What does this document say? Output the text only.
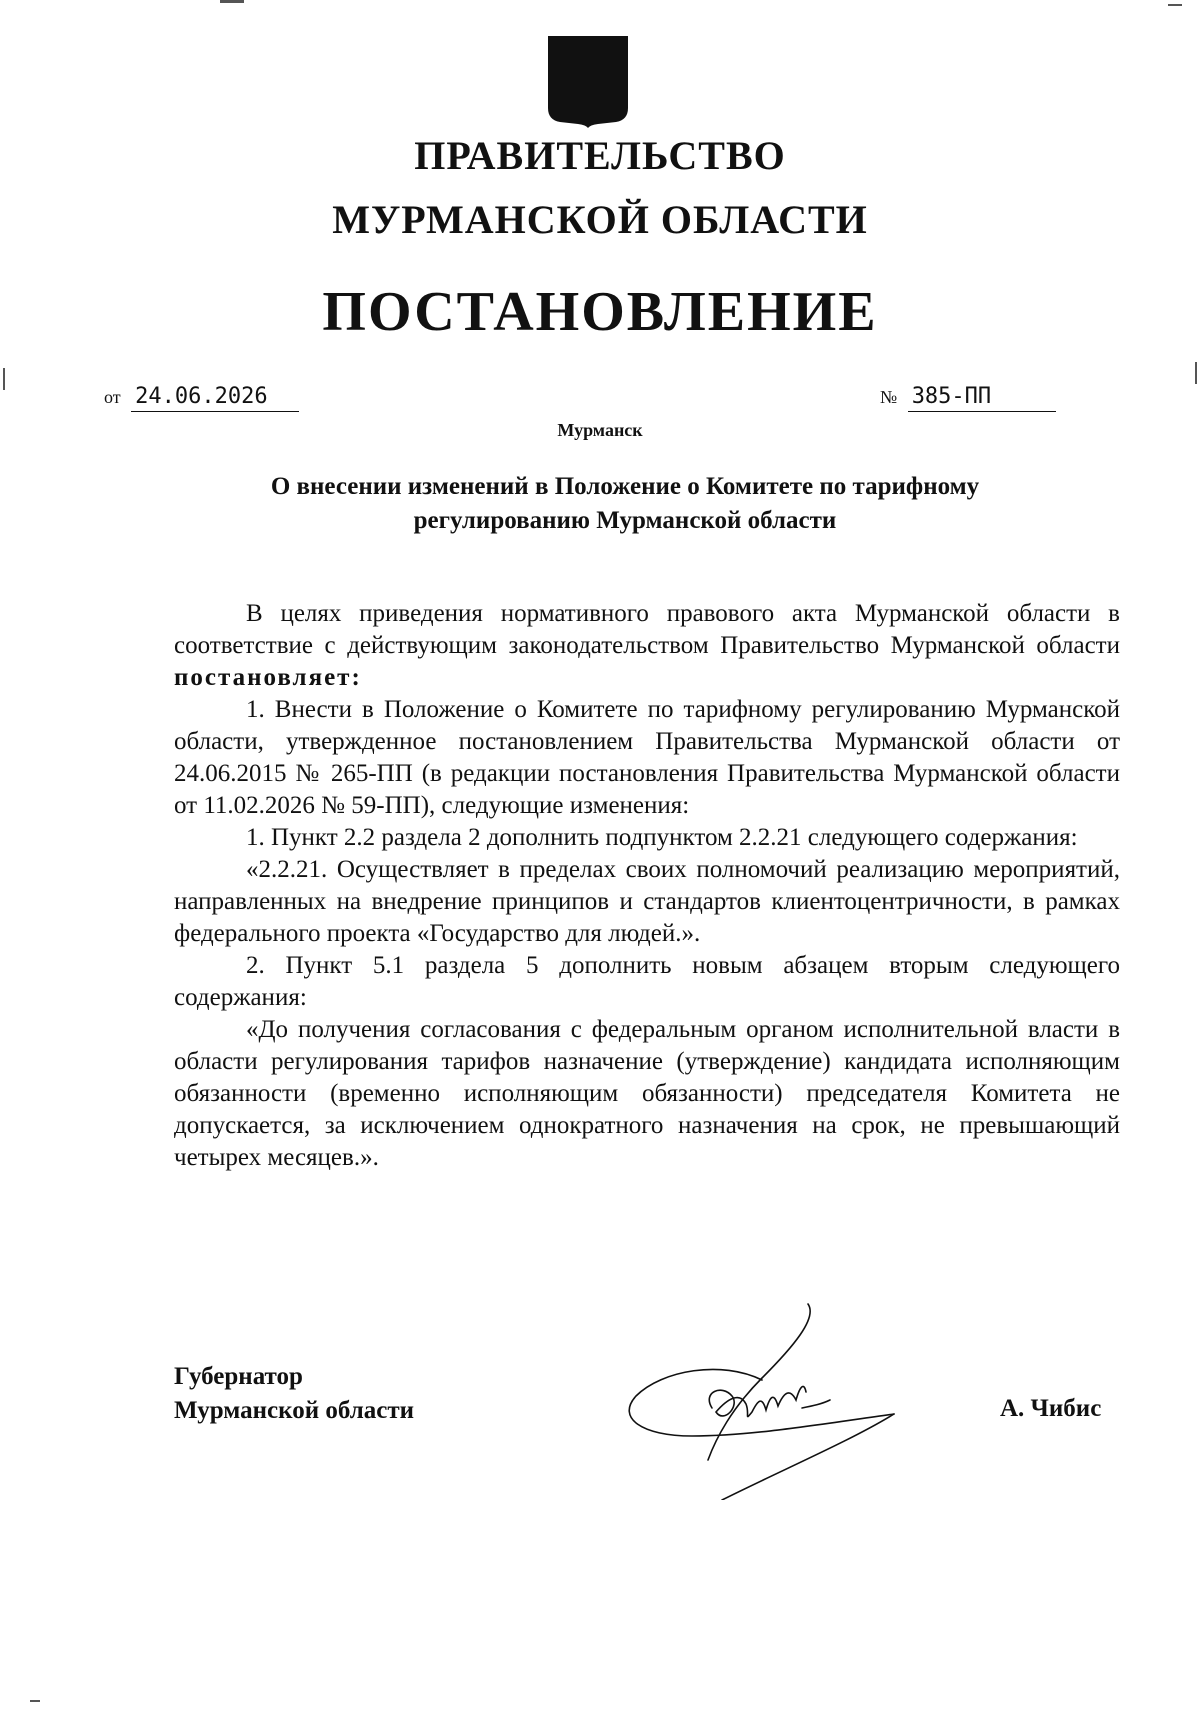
ПРАВИТЕЛЬСТВО
МУРМАНСКОЙ ОБЛАСТИ
ПОСТАНОВЛЕНИЕ
от 24.06.2026	№ 385-ПП
Мурманск
О внесении изменений в Положение о Комитете по тарифному
регулированию Мурманской области

В целях приведения нормативного правового акта Мурманской области в соответствие с действующим законодательством Правительство Мурманской области постановляет:

1. Внести в Положение о Комитете по тарифному регулированию Мурманской области, утвержденное постановлением Правительства Мурманской области от 24.06.2015 № 265-ПП (в редакции постановления Правительства Мурманской области от 11.02.2026 № 59-ПП), следующие изменения:

1. Пункт 2.2 раздела 2 дополнить подпунктом 2.2.21 следующего содержания:

«2.2.21. Осуществляет в пределах своих полномочий реализацию мероприятий, направленных на внедрение принципов и стандартов клиентоцентричности, в рамках федерального проекта «Государство для людей.».

2. Пункт 5.1 раздела 5 дополнить новым абзацем вторым следующего содержания:

«До получения согласования с федеральным органом исполнительной власти в области регулирования тарифов назначение (утверждение) кандидата исполняющим обязанности (временно исполняющим обязанности) председателя Комитета не допускается, за исключением однократного назначения на срок, не превышающий четырех месяцев.».

Губернатор
Мурманской области	А. Чибис
